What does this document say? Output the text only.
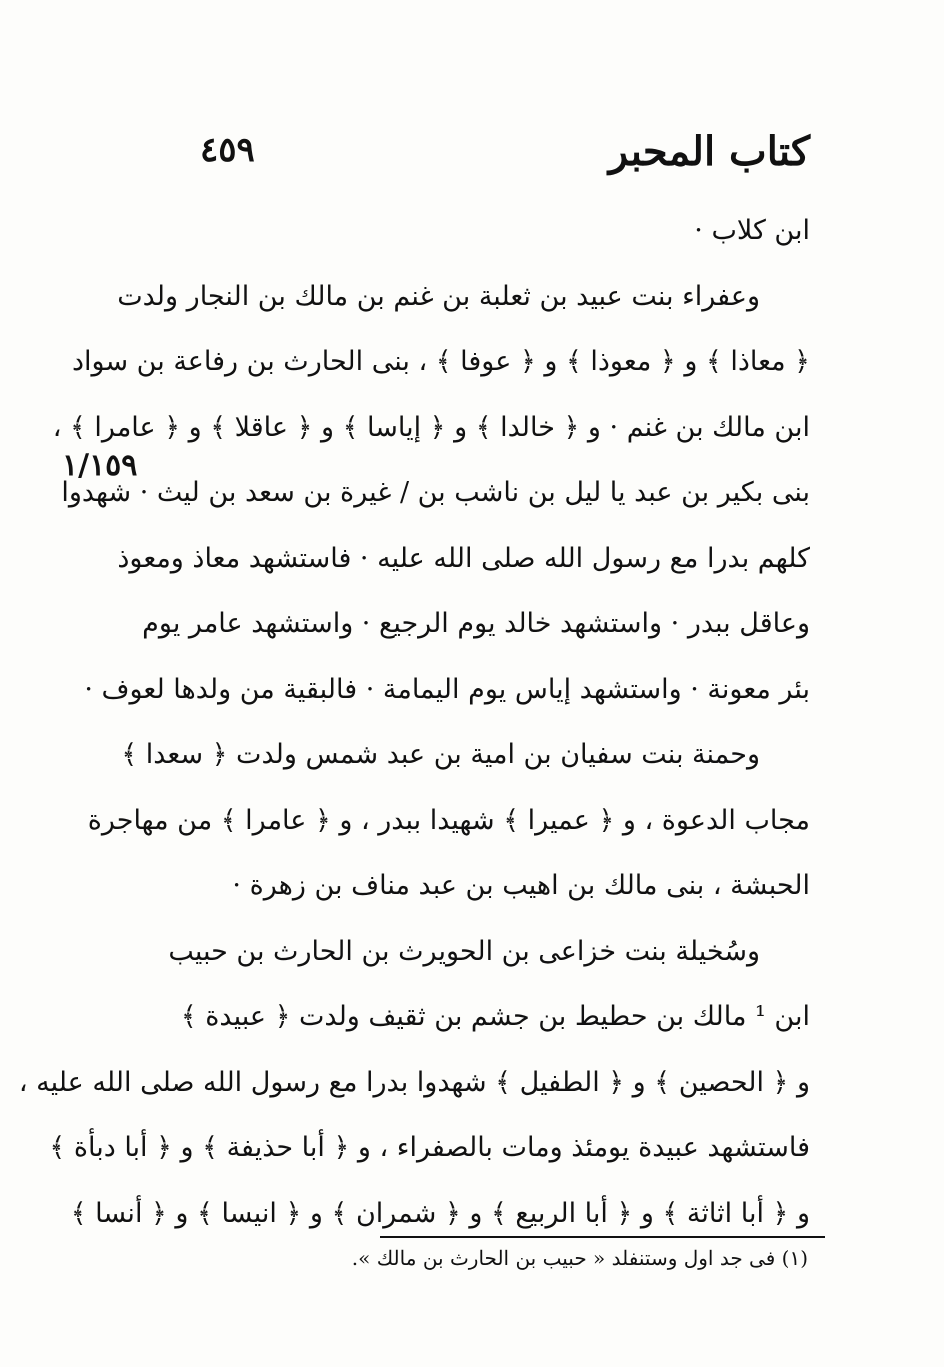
كتاب المحبر
٤٥٩
١/١٥٩
ابن كلاب ·
وعفراء بنت عبيد بن ثعلبة بن غنم بن مالك بن النجار ولدت
﴿ معاذا ﴾ و ﴿ معوذا ﴾ و ﴿ عوفا ﴾ ، بنى الحارث بن رفاعة بن سواد
ابن مالك بن غنم · و ﴿ خالدا ﴾ و ﴿ إياسا ﴾ و ﴿ عاقلا ﴾ و ﴿ عامرا ﴾ ،
بنى بكير بن عبد يا ليل بن ناشب بن / غيرة بن سعد بن ليث · شهدوا
كلهم بدرا مع رسول الله صلى الله عليه · فاستشهد معاذ ومعوذ
وعاقل ببدر · واستشهد خالد يوم الرجيع · واستشهد عامر يوم
بئر معونة · واستشهد إياس يوم اليمامة · فالبقية من ولدها لعوف ·
وحمنة بنت سفيان بن امية بن عبد شمس ولدت ﴿ سعدا ﴾
مجاب الدعوة ، و ﴿ عميرا ﴾ شهيدا ببدر ، و ﴿ عامرا ﴾ من مهاجرة
الحبشة ، بنى مالك بن اهيب بن عبد مناف بن زهرة ·
وسُخيلة بنت خزاعى بن الحويرث بن الحارث بن حبيب
ابن ¹ مالك بن حطيط بن جشم بن ثقيف ولدت ﴿ عبيدة ﴾
و ﴿ الحصين ﴾ و ﴿ الطفيل ﴾ شهدوا بدرا مع رسول الله صلى الله عليه ،
فاستشهد عبيدة يومئذ ومات بالصفراء ، و ﴿ أبا حذيفة ﴾ و ﴿ أبا دبأة ﴾
و ﴿ أبا اثاثة ﴾ و ﴿ أبا الربيع ﴾ و ﴿ شمران ﴾ و ﴿ انيسا ﴾ و ﴿ أنسا ﴾
(١) فى جد اول وستنفلد « حبيب بن الحارث بن مالك ».
